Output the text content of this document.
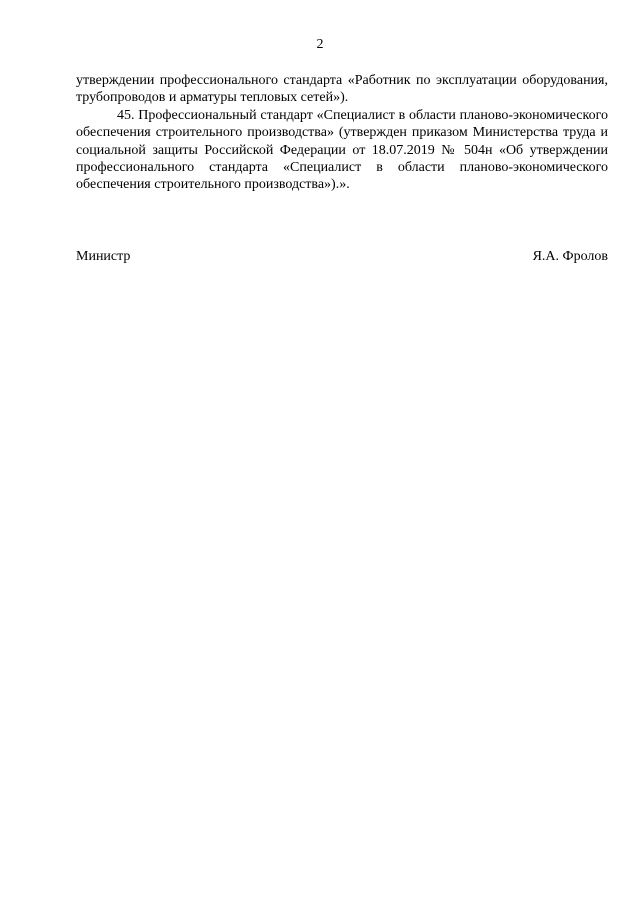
2

утверждении профессионального стандарта «Работник по эксплуатации оборудования, трубопроводов и арматуры тепловых сетей»).

45. Профессиональный стандарт «Специалист в области планово-экономического обеспечения строительного производства» (утвержден приказом Министерства труда и социальной защиты Российской Федерации от 18.07.2019 № 504н «Об утверждении профессионального стандарта «Специалист в области планово-экономического обеспечения строительного производства»).».

Министр	Я.А. Фролов
